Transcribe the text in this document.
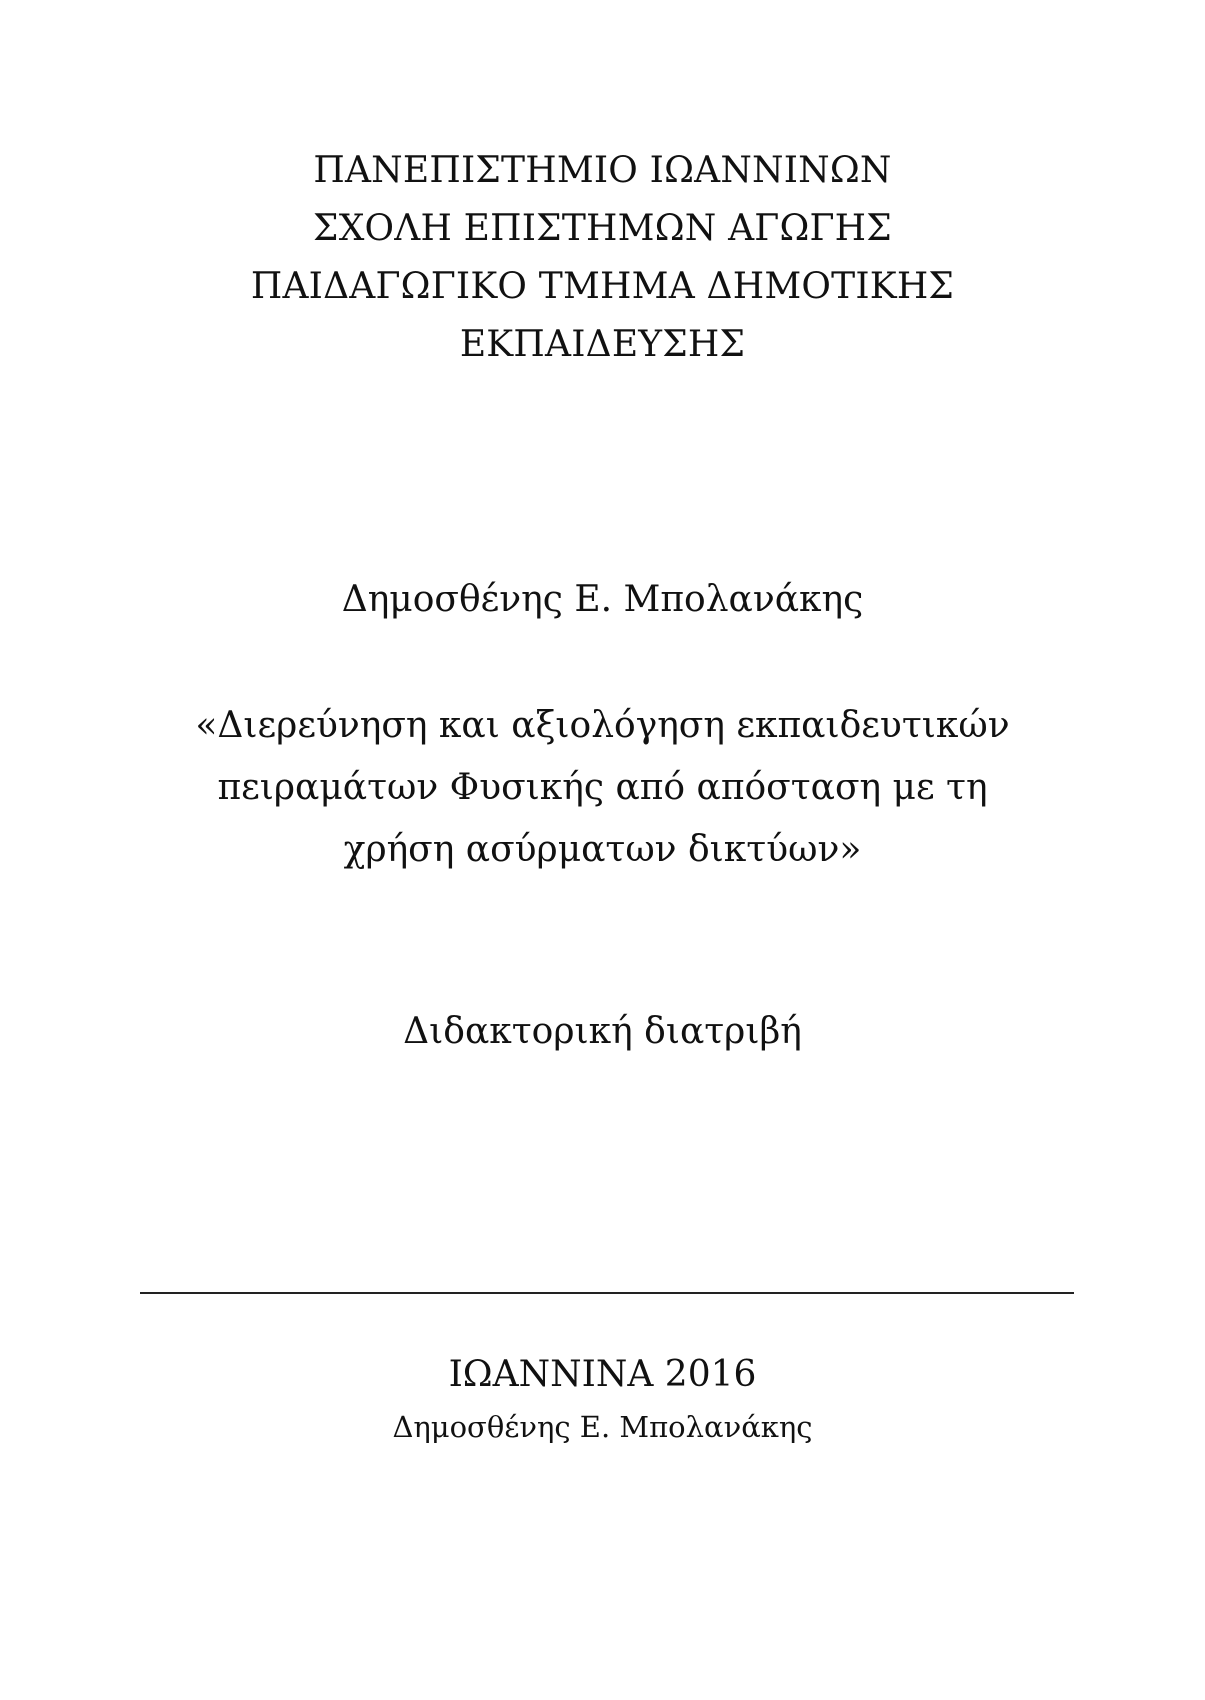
ΠΑΝΕΠΙΣΤΗΜΙΟ ΙΩΑΝΝΙΝΩΝ
ΣΧΟΛΗ ΕΠΙΣΤΗΜΩΝ ΑΓΩΓΗΣ
ΠΑΙΔΑΓΩΓΙΚΟ ΤΜΗΜΑ ΔΗΜΟΤΙΚΗΣ
ΕΚΠΑΙΔΕΥΣΗΣ
Δημοσθένης Ε. Μπολανάκης
«Διερεύνηση και αξιολόγηση εκπαιδευτικών
πειραμάτων Φυσικής από απόσταση με τη
χρήση ασύρματων δικτύων»
Διδακτορική διατριβή
ΙΩΑΝΝΙΝΑ 2016
Δημοσθένης Ε. Μπολανάκης
